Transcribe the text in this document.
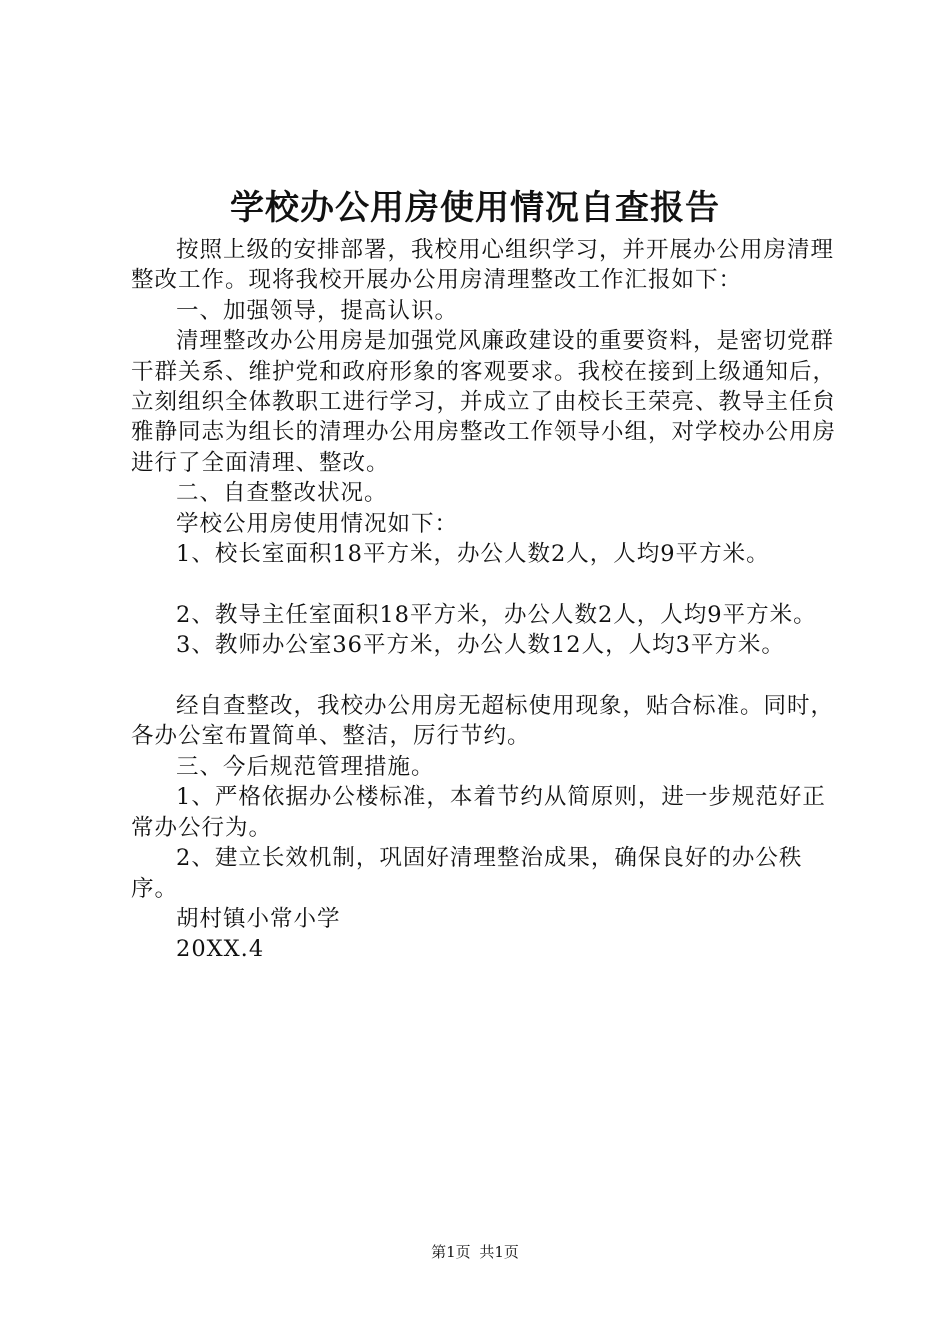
学校办公用房使用情况自查报告

按照上级的安排部署，我校用心组织学习，并开展办公用房清理整改工作。现将我校开展办公用房清理整改工作汇报如下：

一、加强领导，提高认识。

清理整改办公用房是加强党风廉政建设的重要资料，是密切党群干群关系、维护党和政府形象的客观要求。我校在接到上级通知后，立刻组织全体教职工进行学习，并成立了由校长王荣亮、教导主任贠雅静同志为组长的清理办公用房整改工作领导小组，对学校办公用房进行了全面清理、整改。

二、自查整改状况。

学校公用房使用情况如下：

1、校长室面积18平方米，办公人数2人，人均9平方米。

2、教导主任室面积18平方米，办公人数2人，人均9平方米。

3、教师办公室36平方米，办公人数12人，人均3平方米。

经自查整改，我校办公用房无超标使用现象，贴合标准。同时，各办公室布置简单、整洁，厉行节约。

三、今后规范管理措施。

1、严格依据办公楼标准，本着节约从简原则，进一步规范好正常办公行为。

2、建立长效机制，巩固好清理整治成果，确保良好的办公秩序。

胡村镇小常小学

20XX.4

第1页 共1页
